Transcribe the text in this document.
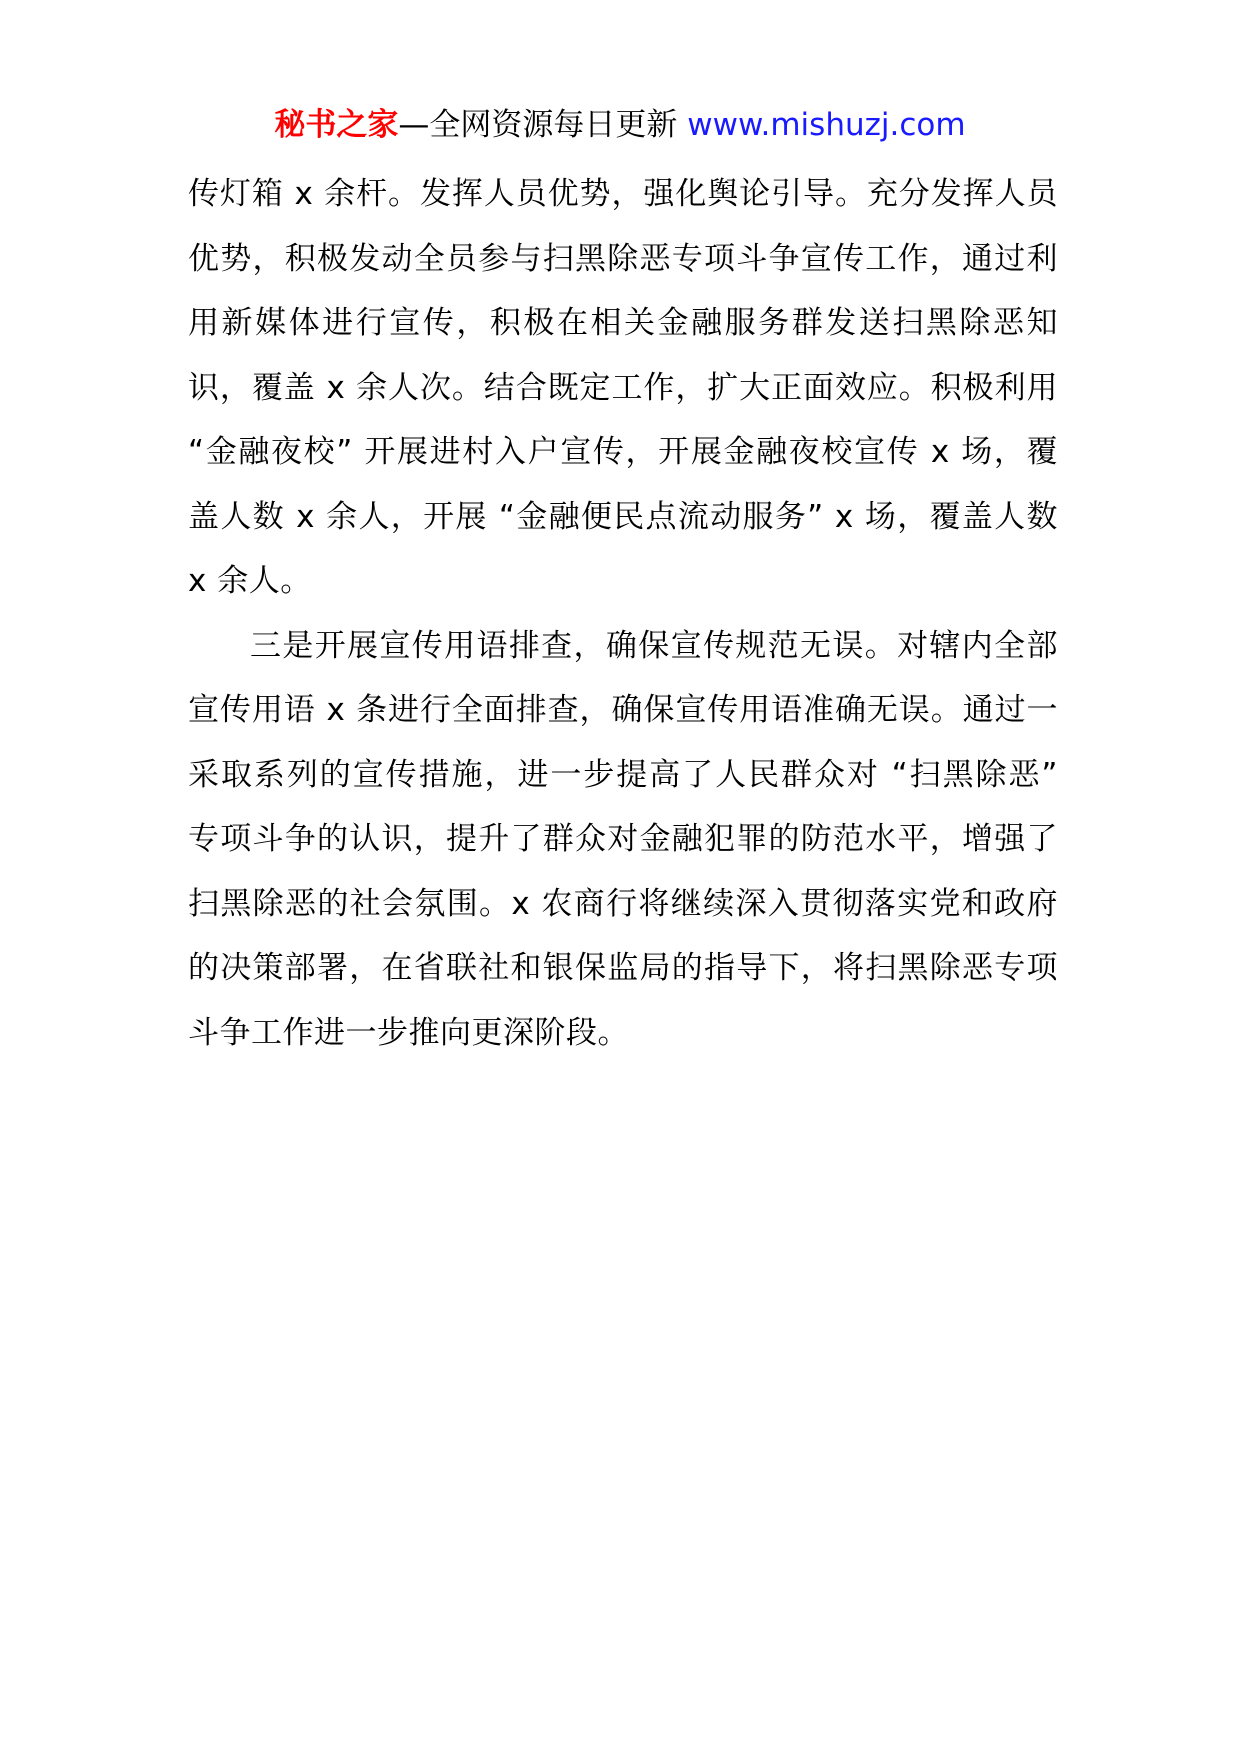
秘书之家—全网资源每日更新 www.mishuzj.com

传灯箱 x 余杆。发挥人员优势，强化舆论引导。充分发挥人员优势，积极发动全员参与扫黑除恶专项斗争宣传工作，通过利用新媒体进行宣传，积极在相关金融服务群发送扫黑除恶知识，覆盖 x 余人次。结合既定工作，扩大正面效应。积极利用 “金融夜校” 开展进村入户宣传，开展金融夜校宣传 x 场，覆盖人数 x 余人，开展 “金融便民点流动服务” x 场，覆盖人数 x 余人。

三是开展宣传用语排查，确保宣传规范无误。对辖内全部宣传用语 x 条进行全面排查，确保宣传用语准确无误。通过一采取系列的宣传措施，进一步提高了人民群众对 “扫黑除恶” 专项斗争的认识，提升了群众对金融犯罪的防范水平，增强了扫黑除恶的社会氛围。x 农商行将继续深入贯彻落实党和政府的决策部署，在省联社和银保监局的指导下，将扫黑除恶专项斗争工作进一步推向更深阶段。
